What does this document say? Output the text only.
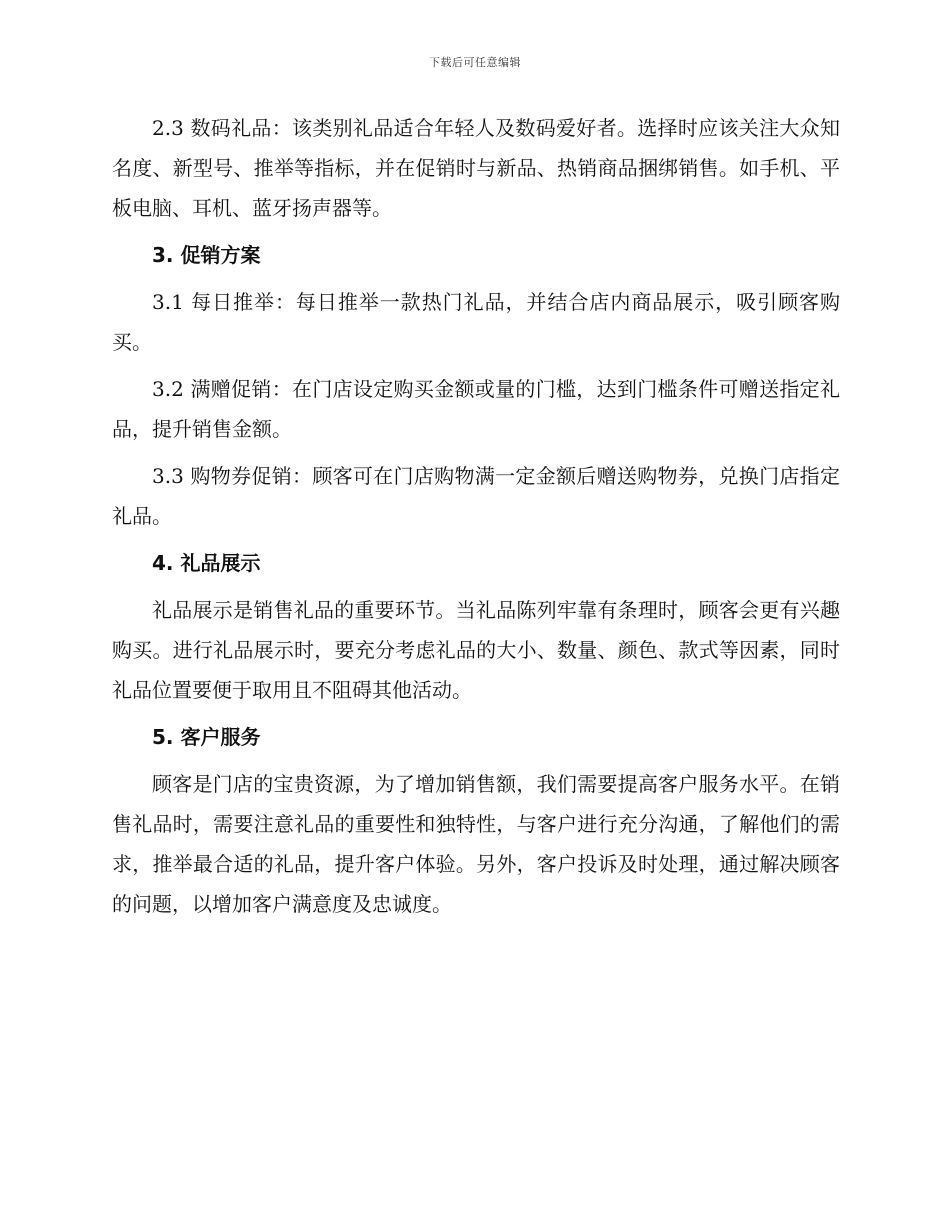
下载后可任意编辑

2.3 数码礼品：该类别礼品适合年轻人及数码爱好者。选择时应该关注大众知名度、新型号、推举等指标，并在促销时与新品、热销商品捆绑销售。如手机、平板电脑、耳机、蓝牙扬声器等。

3. 促销方案

3.1 每日推举：每日推举一款热门礼品，并结合店内商品展示，吸引顾客购买。

3.2 满赠促销：在门店设定购买金额或量的门槛，达到门槛条件可赠送指定礼品，提升销售金额。

3.3 购物券促销：顾客可在门店购物满一定金额后赠送购物券，兑换门店指定礼品。

4. 礼品展示

礼品展示是销售礼品的重要环节。当礼品陈列牢靠有条理时，顾客会更有兴趣购买。进行礼品展示时，要充分考虑礼品的大小、数量、颜色、款式等因素，同时礼品位置要便于取用且不阻碍其他活动。

5. 客户服务

顾客是门店的宝贵资源，为了增加销售额，我们需要提高客户服务水平。在销售礼品时，需要注意礼品的重要性和独特性，与客户进行充分沟通，了解他们的需求，推举最合适的礼品，提升客户体验。另外，客户投诉及时处理，通过解决顾客的问题，以增加客户满意度及忠诚度。
